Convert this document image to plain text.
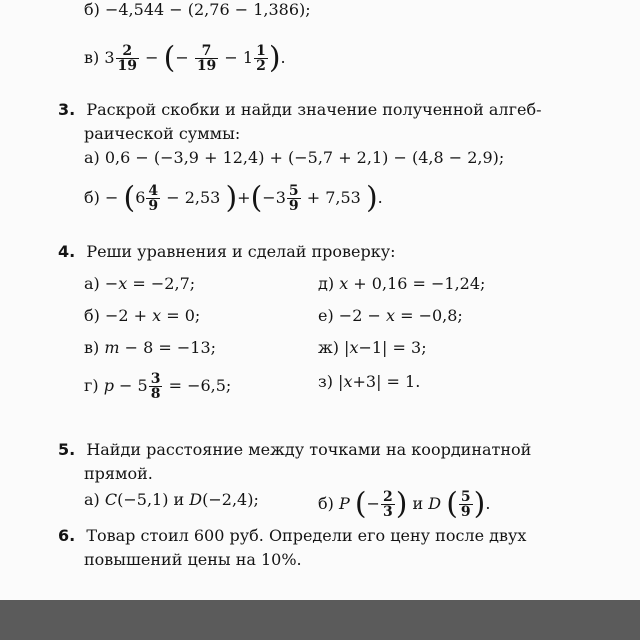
б) −4,544 − (2,76 − 1,386);
в) $3 \frac{2}{19}$ − (− $\frac{7}{19} - 1 \frac{1}{2}$ ).
3. Раскрой скобки и найди значение полученной алгеб-
раической суммы:
а) 0,6 − (−3,9 + 12,4) + (−5,7 + 2,1) − (4,8 − 2,9);
$б) - (6 \frac{4}{9} - 2,53$ )$+(-3 \frac{5}{9} + 7,53$ ).
4. Реши уравнения и сделай проверку:
а) −x = −2,7;
б) −2 + x = 0;
в) m − 8 = −13;
г) $p - 5 \frac{3}{8} = -6,5$;
д) x + 0,16 = −1,24;
е) −2 − x = −0,8;
ж) |x−1| = 3;
з) |x+3| = 1.
5. Найди расстояние между точками на координатной
прямой.
а) C(−5,1) и D(−2,4);	б) P (− $\frac{2}{3}$ ) и D ( $\frac{5}{9}$ ).
6. Товар стоил 600 руб. Определи его цену после двух
повышений цены на 10%.
